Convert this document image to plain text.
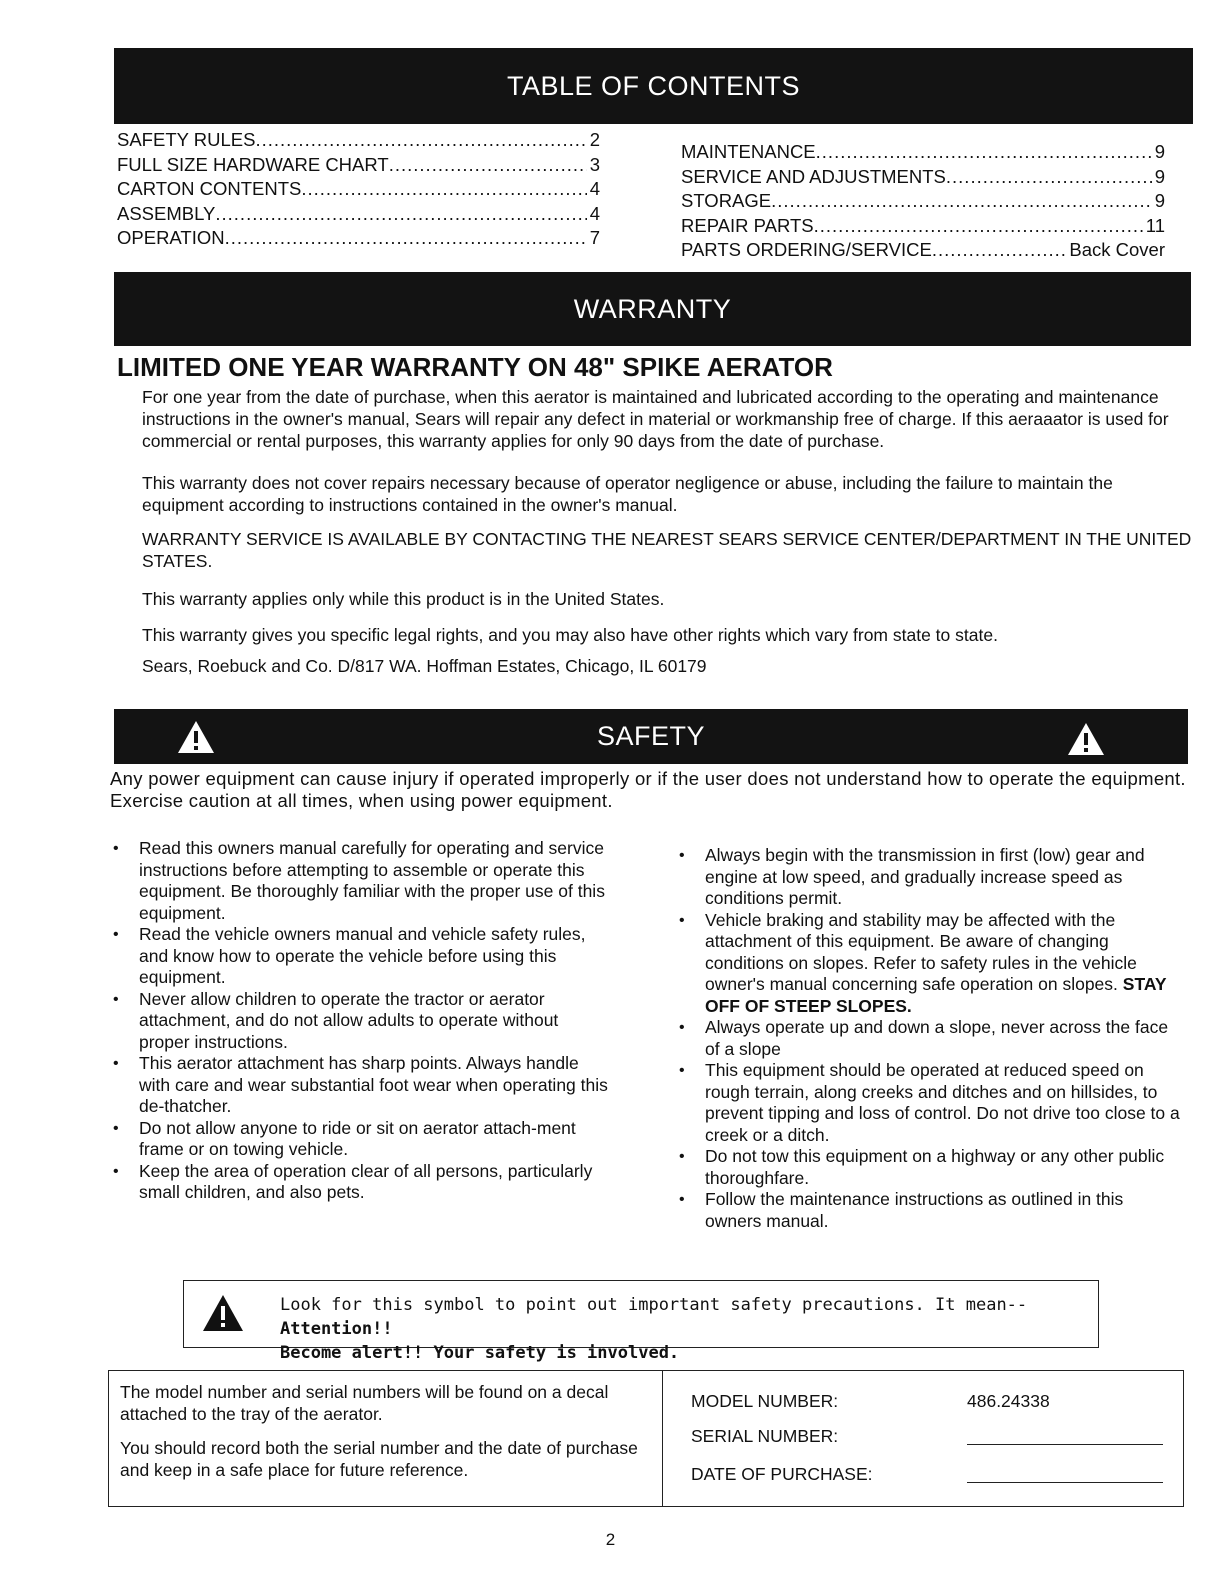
TABLE OF CONTENTS
SAFETY RULES .....	2
FULL SIZE HARDWARE CHART .....	3
CARTON CONTENTS .....	4
ASSEMBLY .....	4
OPERATION .....	7
MAINTENANCE .....	9
SERVICE AND ADJUSTMENTS .....	9
STORAGE .....	9
REPAIR PARTS .....	11
PARTS ORDERING/SERVICE .....	Back Cover
WARRANTY
LIMITED ONE YEAR WARRANTY ON 48" SPIKE AERATOR
For one year from the date of purchase, when this aerator is maintained and lubricated according to the operating and maintenance instructions in the owner's manual, Sears will repair any defect in material or workmanship free of charge. If this aeraaator is used for commercial or rental purposes, this warranty applies for only 90 days from the date of purchase.
This warranty does not cover repairs necessary because of operator negligence or abuse, including the failure to maintain the equipment according to instructions contained in the owner's manual.
WARRANTY SERVICE IS AVAILABLE BY CONTACTING THE NEAREST SEARS SERVICE CENTER/DEPARTMENT IN THE UNITED STATES.
This warranty applies only while this product is in the United States.
This warranty gives you specific legal rights, and you may also have other rights which vary from state to state.
Sears, Roebuck and Co. D/817 WA. Hoffman Estates, Chicago, IL 60179
SAFETY
Any power equipment can cause injury if operated improperly or if the user does not understand how to operate the equipment. Exercise caution at all times, when using power equipment.
• Read this owners manual carefully for operating and service instructions before attempting to assemble or operate this equipment. Be thoroughly familiar with the proper use of this equipment.
• Read the vehicle owners manual and vehicle safety rules, and know how to operate the vehicle before using this equipment.
• Never allow children to operate the tractor or aerator attachment, and do not allow adults to operate without proper instructions.
• This aerator attachment has sharp points. Always handle with care and wear substantial foot wear when operating this de-thatcher.
• Do not allow anyone to ride or sit on aerator attach-ment frame or on towing vehicle.
• Keep the area of operation clear of all persons, particularly small children, and also pets.
• Always begin with the transmission in first (low) gear and engine at low speed, and gradually increase speed as conditions permit.
• Vehicle braking and stability may be affected with the attachment of this equipment. Be aware of changing conditions on slopes. Refer to safety rules in the vehicle owner's manual concerning safe operation on slopes. STAY OFF OF STEEP SLOPES.
• Always operate up and down a slope, never across the face of a slope
• This equipment should be operated at reduced speed on rough terrain, along creeks and ditches and on hillsides, to prevent tipping and loss of control. Do not drive too close to a creek or a ditch.
• Do not tow this equipment on a highway or any other public thoroughfare.
• Follow the maintenance instructions as outlined in this owners manual.
Look for this symbol to point out important safety precautions. It mean--Attention!!
Become alert!! Your safety is involved.
The model number and serial numbers will be found on a decal attached to the tray of the aerator.
You should record both the serial number and the date of purchase and keep in a safe place for future reference.
MODEL NUMBER:	486.24338
SERIAL NUMBER:
DATE OF PURCHASE:
2
